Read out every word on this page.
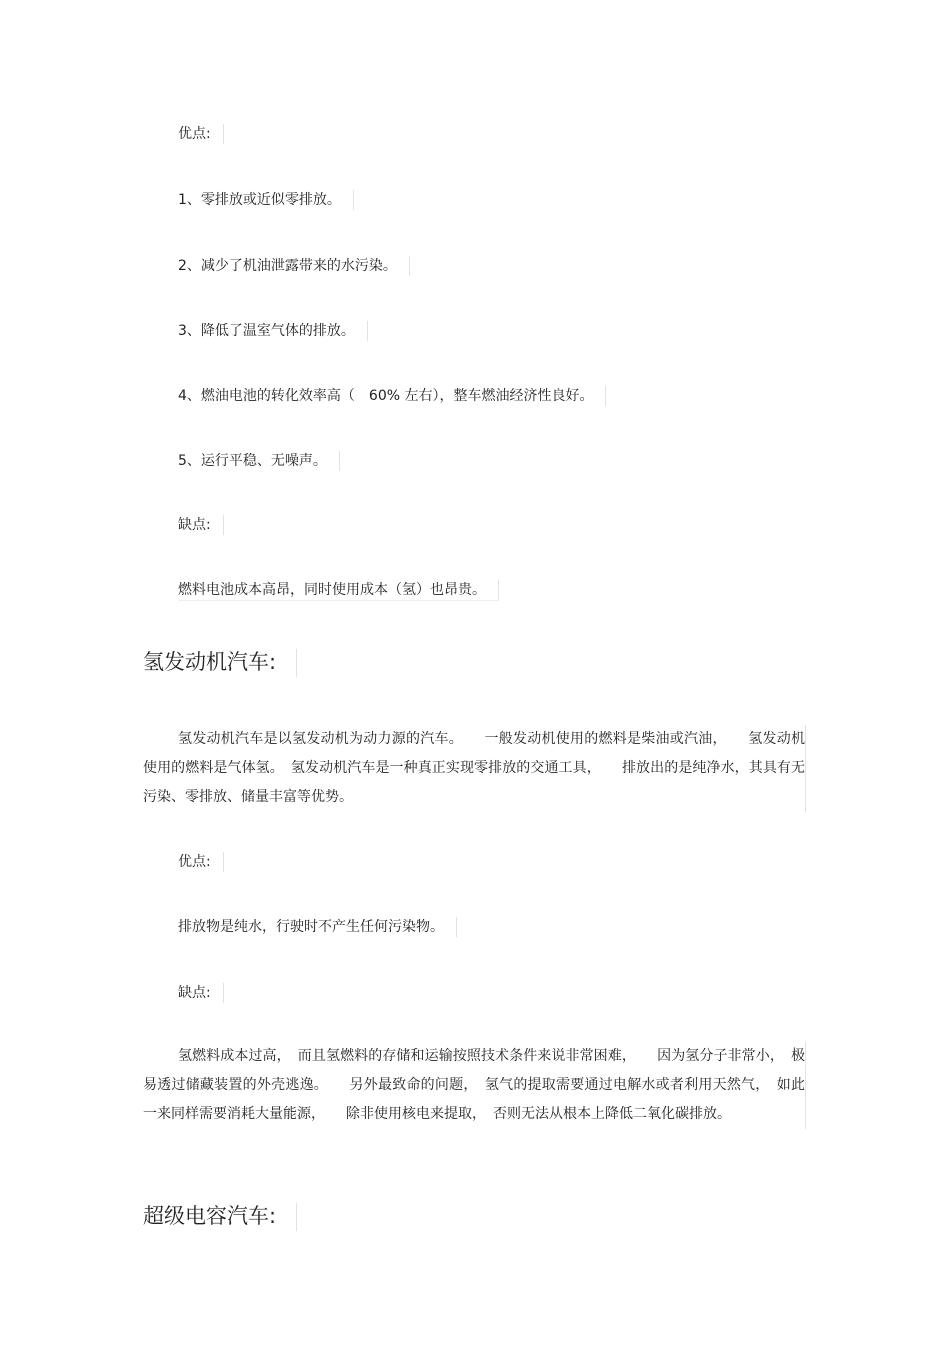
优点:
1、零排放或近似零排放。
2、减少了机油泄露带来的水污染。
3、降低了温室气体的排放。
4、燃油电池的转化效率高（　60% 左右），整车燃油经济性良好。
5、运行平稳、无噪声。
缺点:
燃料电池成本高昂，同时使用成本（氢）也昂贵。
氢发动机汽车:
氢发动机汽车是以氢发动机为动力源的汽车。　　一般发动机使用的燃料是柴油或汽油，　　氢发动机使用的燃料是气体氢。　氢发动机汽车是一种真正实现零排放的交通工具，　　排放出的是纯净水，其具有无污染、零排放、储量丰富等优势。
优点:
排放物是纯水，行驶时不产生任何污染物。
缺点:
氢燃料成本过高，　而且氢燃料的存储和运输按照技术条件来说非常困难，　　因为氢分子非常小，　极易透过储藏装置的外壳逃逸。　　另外最致命的问题，　氢气的提取需要通过电解水或者利用天然气，　如此一来同样需要消耗大量能源，　　除非使用核电来提取，　否则无法从根本上降低二氧化碳排放。
超级电容汽车:
